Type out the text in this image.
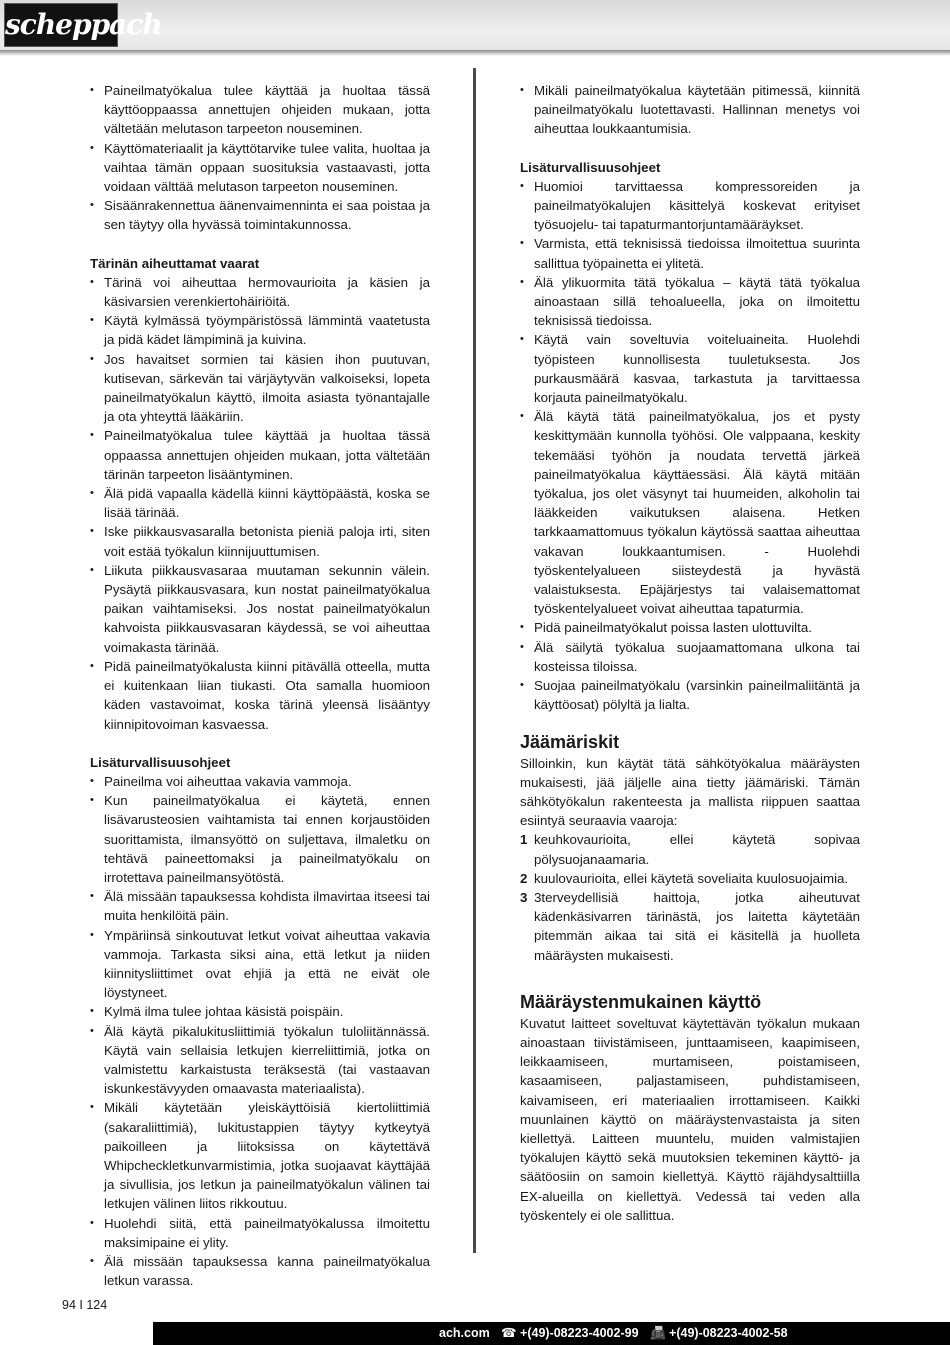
scheppach
• Paineilmatyökalua tulee käyttää ja huoltaa tässä käyttöoppaassa annettujen ohjeiden mukaan, jotta vältetään melutason tarpeeton nouseminen.
• Käyttömateriaalit ja käyttötarvike tulee valita, huoltaa ja vaihtaa tämän oppaan suosituksia vastaavasti, jotta voidaan välttää melutason tarpeeton nouseminen.
• Sisäänrakennettua äänenvaimenninta ei saa poistaa ja sen täytyy olla hyvässä toimintakunnossa.
Tärinän aiheuttamat vaarat
• Tärinä voi aiheuttaa hermovaurioita ja käsien ja käsivarsien verenkiertohäiriöitä.
• Käytä kylmässä työympäristössä lämmintä vaatetusta ja pidä kädet lämpiminä ja kuivina.
• Jos havaitset sormien tai käsien ihon puutuvan, kutisevan, särkevän tai värjäytyvän valkoiseksi, lopeta paineilmatyökalun käyttö, ilmoita asiasta työnantajalle ja ota yhteyttä lääkäriin.
• Paineilmatyökalua tulee käyttää ja huoltaa tässä oppaassa annettujen ohjeiden mukaan, jotta vältetään tärinän tarpeeton lisääntyminen.
• Älä pidä vapaalla kädellä kiinni käyttöpäästä, koska se lisää tärinää.
• Iske piikkausvasaralla betonista pieniä paloja irti, siten voit estää työkalun kiinnijuuttumisen.
• Liikuta piikkausvasaraa muutaman sekunnin välein. Pysäytä piikkausvasara, kun nostat paineilmatyökalua paikan vaihtamiseksi. Jos nostat paineilmatyökalun kahvoista piikkausvasaran käydessä, se voi aiheuttaa voimakasta tärinää.
• Pidä paineilmatyökalusta kiinni pitävällä otteella, mutta ei kuitenkaan liian tiukasti. Ota samalla huomioon käden vastavoimat, koska tärinä yleensä lisääntyy kiinnipitovoiman kasvaessa.
Lisäturvallisuusohjeet
• Paineilma voi aiheuttaa vakavia vammoja.
• Kun paineilmatyökalua ei käytetä, ennen lisävarusteosien vaihtamista tai ennen korjaustöiden suorittamista, ilmansyöttö on suljettava, ilmaletku on tehtävä paineettomaksi ja paineilmatyökalu on irrotettava paineilmansyötöstä.
• Älä missään tapauksessa kohdista ilmavirtaa itseesi tai muita henkilöitä päin.
• Ympäriinsä sinkoutuvat letkut voivat aiheuttaa vakavia vammoja. Tarkasta siksi aina, että letkut ja niiden kiinnitysliittimet ovat ehjiä ja että ne eivät ole löystyneet.
• Kylmä ilma tulee johtaa käsistä poispäin.
• Älä käytä pikalukitusliittimiä työkalun tuloliitännässä. Käytä vain sellaisia letkujen kierreliittimiä, jotka on valmistettu karkaistusta teräksestä (tai vastaavan iskunkestävyyden omaavasta materiaalista).
• Mikäli käytetään yleiskäyttöisiä kiertoliittimiä (sakaraliittimiä), lukitustappien täytyy kytkeytyä paikoilleen ja liitoksissa on käytettävä Whipcheckletkunvarmistimia, jotka suojaavat käyttäjää ja sivullisia, jos letkun ja paineilmatyökalun välinen tai letkujen välinen liitos rikkoutuu.
• Huolehdi siitä, että paineilmatyökalussa ilmoitettu maksimipaine ei ylity.
• Älä missään tapauksessa kanna paineilmatyökalua letkun varassa.
• Mikäli paineilmatyökalua käytetään pitimessä, kiinnitä paineilmatyökalu luotettavasti. Hallinnan menetys voi aiheuttaa loukkaantumisia.
Lisäturvallisuusohjeet
• Huomioi tarvittaessa kompressoreiden ja paineilmatyökalujen käsittelyä koskevat erityiset työsuojelu- tai tapaturmantorjuntamääräykset.
• Varmista, että teknisissä tiedoissa ilmoitettua suurinta sallittua työpainetta ei ylitetä.
• Älä ylikuormita tätä työkalua – käytä tätä työkalua ainoastaan sillä tehoalueella, joka on ilmoitettu teknisissä tiedoissa.
• Käytä vain soveltuvia voiteluaineita. Huolehdi työpisteen kunnollisesta tuuletuksesta. Jos purkausmäärä kasvaa, tarkastuta ja tarvittaessa korjauta paineilmatyökalu.
• Älä käytä tätä paineilmatyökalua, jos et pysty keskittymään kunnolla työhösi. Ole valppaana, keskity tekemääsi työhön ja noudata tervettä järkeä paineilmatyökalua käyttäessäsi. Älä käytä mitään työkalua, jos olet väsynyt tai huumeiden, alkoholin tai lääkkeiden vaikutuksen alaisena. Hetken tarkkaamattomuus työkalun käytössä saattaa aiheuttaa vakavan loukkaantumisen. - Huolehdi työskentelyalueen siisteydestä ja hyvästä valaistuksesta. Epäjärjestys tai valaisemattomat työskentelyalueet voivat aiheuttaa tapaturmia.
• Pidä paineilmatyökalut poissa lasten ulottuvilta.
• Älä säilytä työkalua suojaamattomana ulkona tai kosteissa tiloissa.
• Suojaa paineilmatyökalu (varsinkin paineilmaliitäntä ja käyttöosat) pölyltä ja lialta.
Jäämäriskit

Silloinkin, kun käytät tätä sähkötyökalua määräysten mukaisesti, jää jäljelle aina tietty jäämäriski. Tämän sähkötyökalun rakenteesta ja mallista riippuen saattaa esiintyä seuraavia vaaroja:

1 keuhkovaurioita, ellei käytetä sopivaa pölysuojanaamaria.
2 kuulovaurioita, ellei käytetä soveliaita kuulosuojaimia.
3 3terveydellisiä haittoja, jotka aiheutuvat kädenkäsivarren tärinästä, jos laitetta käytetään pitemmän aikaa tai sitä ei käsitellä ja huolleta määräysten mukaisesti.
Määräystenmukainen käyttö

Kuvatut laitteet soveltuvat käytettävän työkalun mukaan ainoastaan tiivistämiseen, junttaamiseen, kaapimiseen, leikkaamiseen, murtamiseen, poistamiseen, kasaamiseen, paljastamiseen, puhdistamiseen, kaivamiseen, eri materiaalien irrottamiseen. Kaikki muunlainen käyttö on määräystenvastaista ja siten kiellettyä. Laitteen muuntelu, muiden valmistajien työkalujen käyttö sekä muutoksien tekeminen käyttö- ja säätöosiin on samoin kiellettyä. Käyttö räjähdysalttiilla EX-alueilla on kiellettyä. Vedessä tai veden alla työskentely ei ole sallittua.

94 I 124
ach.com ☎ +(49)-08223-4002-99 📠 +(49)-08223-4002-58
